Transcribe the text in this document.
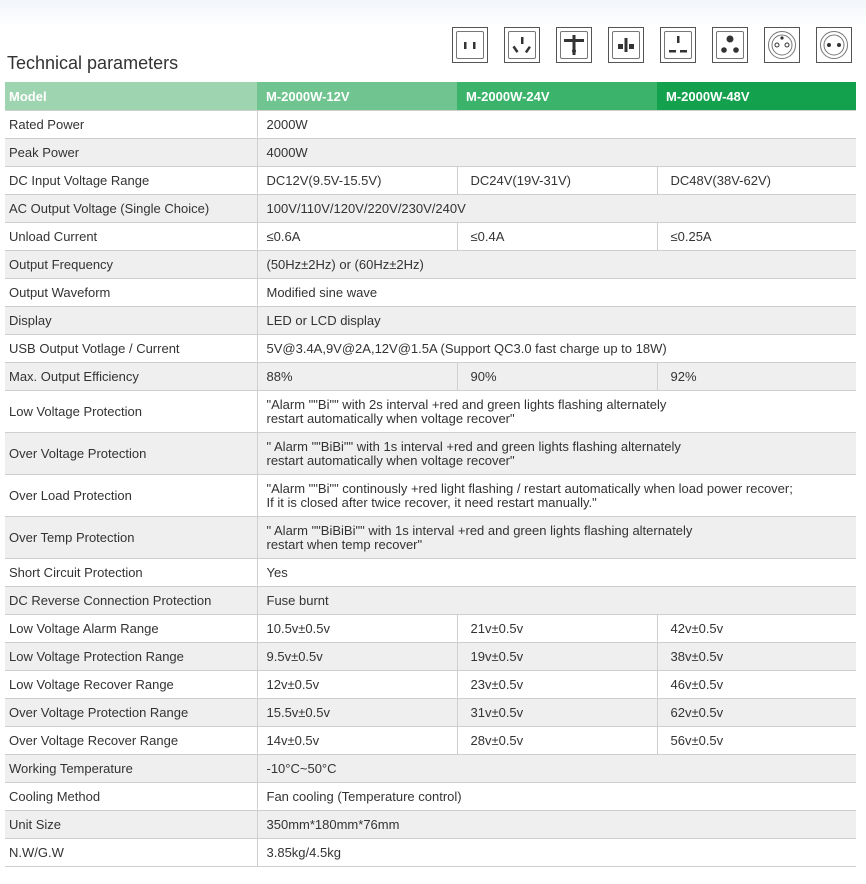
Technical parameters
Model	M-2000W-12V	M-2000W-24V	M-2000W-48V
Rated Power	2000W		
Peak Power	4000W		
DC Input Voltage Range	DC12V(9.5V-15.5V)	DC24V(19V-31V)	DC48V(38V-62V)
AC Output Voltage (Single Choice)	100V/110V/120V/220V/230V/240V		
Unload Current	≤0.6A	≤0.4A	≤0.25A
Output Frequency	(50Hz±2Hz) or (60Hz±2Hz)		
Output Waveform	Modified sine wave		
Display	LED or LCD display		
USB Output Votlage / Current	5V@3.4A,9V@2A,12V@1.5A (Support QC3.0 fast charge up to 18W)		
Max. Output Efficiency	88%	90%	92%
Low Voltage Protection	"Alarm ""Bi"" with 2s interval +red and green lights flashing alternately
restart automatically when voltage recover"		

Over Voltage Protection	" Alarm ""BiBi"" with 1s interval +red and green lights flashing alternately
restart automatically when voltage recover"		

Over Load Protection	"Alarm ""Bi"" continously +red light flashing / restart automatically when load power recover;
If it is closed after twice recover, it need restart manually."		

Over Temp Protection	" Alarm ""BiBiBi"" with 1s interval +red and green lights flashing alternately
restart when temp recover"		

Short Circuit Protection	Yes		
DC Reverse Connection Protection	Fuse burnt		
Low Voltage Alarm Range	10.5v±0.5v	21v±0.5v	42v±0.5v
Low Voltage Protection Range	9.5v±0.5v	19v±0.5v	38v±0.5v
Low Voltage Recover Range	12v±0.5v	23v±0.5v	46v±0.5v
Over Voltage Protection Range	15.5v±0.5v	31v±0.5v	62v±0.5v
Over Voltage Recover Range	14v±0.5v	28v±0.5v	56v±0.5v
Working Temperature	-10°C~50°C		
Cooling Method	Fan cooling (Temperature control)		
Unit Size	350mm*180mm*76mm		
N.W/G.W	3.85kg/4.5kg		
